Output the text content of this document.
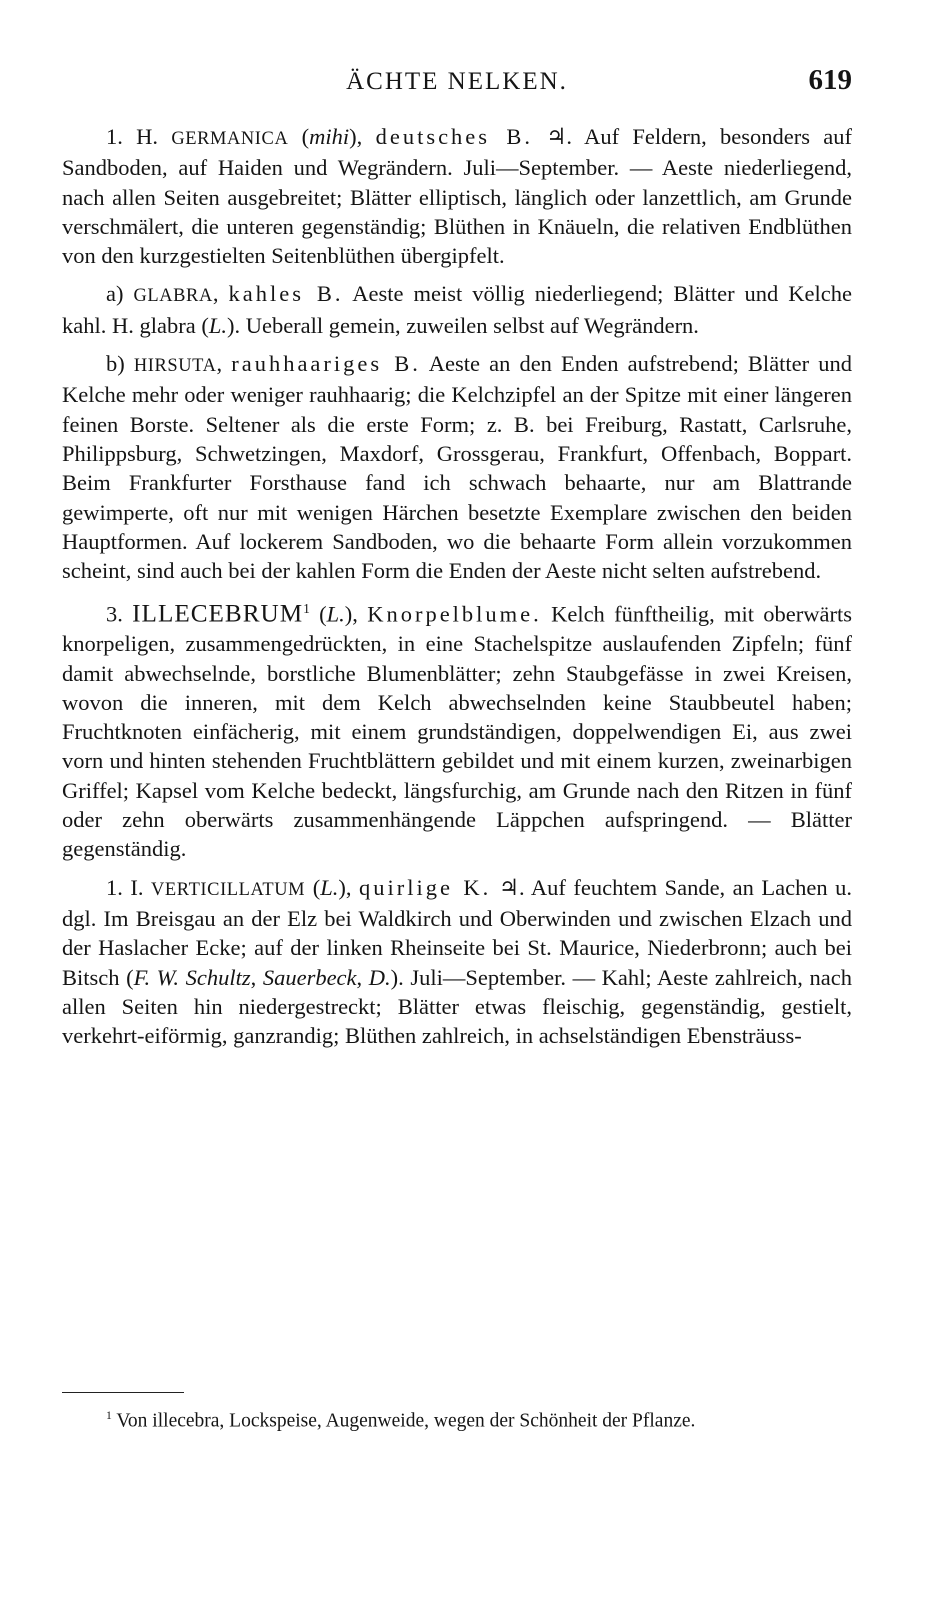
ÄCHTE NELKEN.	619

1. H. GERMANICA (mihi), deutsches B. ♃. Auf Feldern, besonders auf Sandboden, auf Haiden und Wegrändern. Juli—September. — Aeste niederliegend, nach allen Seiten ausgebreitet; Blätter elliptisch, länglich oder lanzettlich, am Grunde verschmälert, die unteren gegenständig; Blüthen in Knäueln, die relativen Endblüthen von den kurzgestielten Seitenblüthen übergipfelt.

a) GLABRA, kahles B. Aeste meist völlig niederliegend; Blätter und Kelche kahl. H. glabra (L.). Ueberall gemein, zuweilen selbst auf Wegrändern.

b) HIRSUTA, rauhhaariges B. Aeste an den Enden aufstrebend; Blätter und Kelche mehr oder weniger rauhhaarig; die Kelchzipfel an der Spitze mit einer längeren feinen Borste. Seltener als die erste Form; z. B. bei Freiburg, Rastatt, Carlsruhe, Philippsburg, Schwetzingen, Maxdorf, Grossgerau, Frankfurt, Offenbach, Boppart. Beim Frankfurter Forsthause fand ich schwach behaarte, nur am Blattrande gewimperte, oft nur mit wenigen Härchen besetzte Exemplare zwischen den beiden Hauptformen. Auf lockerem Sandboden, wo die behaarte Form allein vorzukommen scheint, sind auch bei der kahlen Form die Enden der Aeste nicht selten aufstrebend.

3. ILLECEBRUM$^1$ (L.), Knorpelblume. Kelch fünftheilig, mit oberwärts knorpeligen, zusammengedrückten, in eine Stachelspitze auslaufenden Zipfeln; fünf damit abwechselnde, borstliche Blumenblätter; zehn Staubgefässe in zwei Kreisen, wovon die inneren, mit dem Kelch abwechselnden keine Staubbeutel haben; Fruchtknoten einfächerig, mit einem grundständigen, doppelwendigen Ei, aus zwei vorn und hinten stehenden Fruchtblättern gebildet und mit einem kurzen, zweinarbigen Griffel; Kapsel vom Kelche bedeckt, längsfurchig, am Grunde nach den Ritzen in fünf oder zehn oberwärts zusammenhängende Läppchen aufspringend. — Blätter gegenständig.

1. I. VERTICILLATUM (L.), quirlige K. ♃. Auf feuchtem Sande, an Lachen u. dgl. Im Breisgau an der Elz bei Waldkirch und Oberwinden und zwischen Elzach und der Haslacher Ecke; auf der linken Rheinseite bei St. Maurice, Niederbronn; auch bei Bitsch (F. W. Schultz, Sauerbeck, D.). Juli—September. — Kahl; Aeste zahlreich, nach allen Seiten hin niedergestreckt; Blätter etwas fleischig, gegenständig, gestielt, verkehrt-eiförmig, ganzrandig; Blüthen zahlreich, in achselständigen Ebensträuss-

$^1$ Von illecebra, Lockspeise, Augenweide, wegen der Schönheit der Pflanze.
